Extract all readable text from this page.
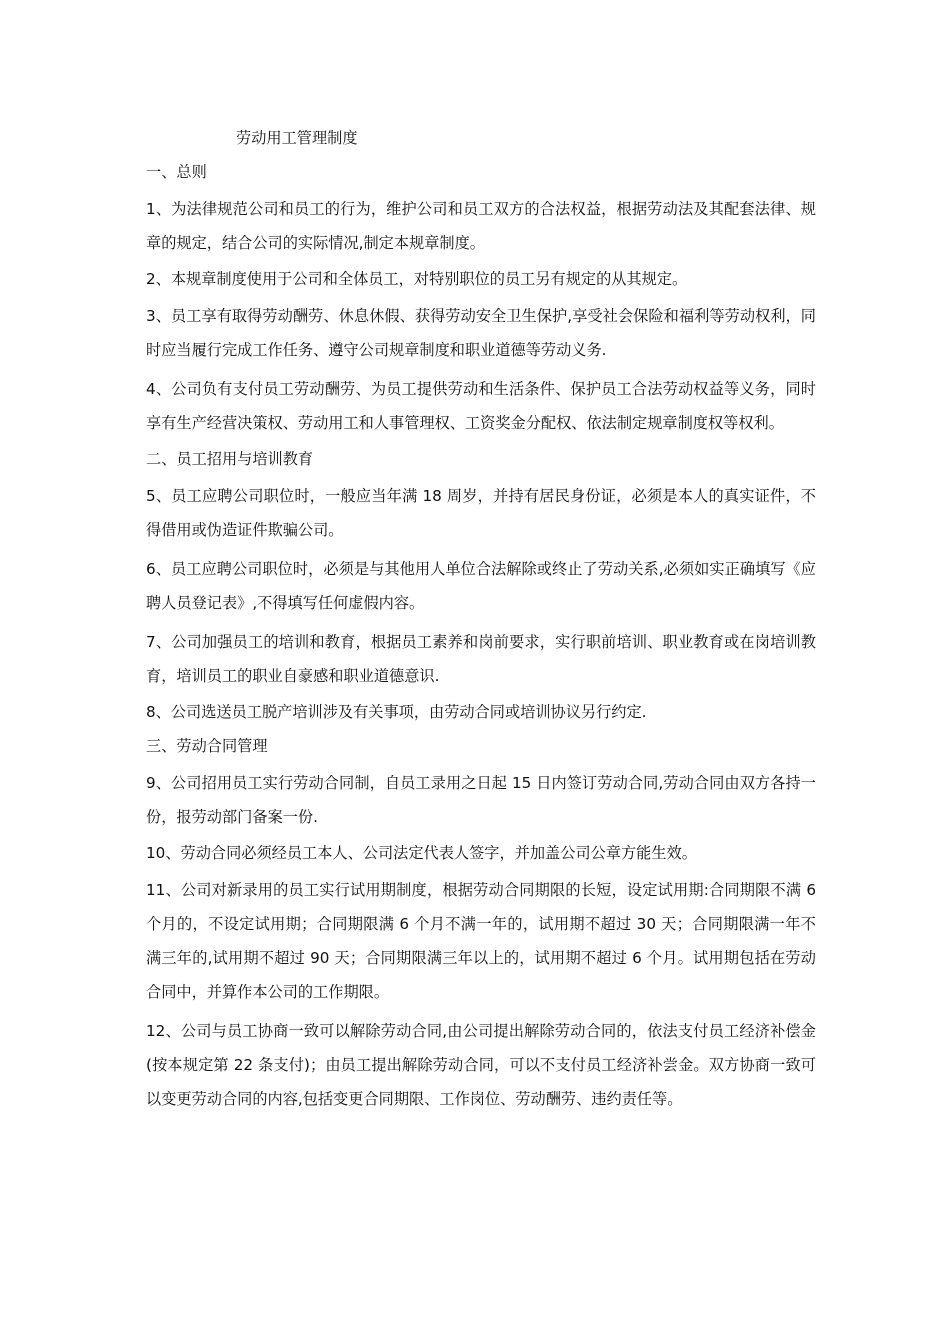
劳动用工管理制度
一、总则
1、为法律规范公司和员工的行为，维护公司和员工双方的合法权益，根据劳动法及其配套法律、规章的规定，结合公司的实际情况,制定本规章制度。
2、本规章制度使用于公司和全体员工，对特别职位的员工另有规定的从其规定。
3、员工享有取得劳动酬劳、休息休假、获得劳动安全卫生保护,享受社会保险和福利等劳动权利，同时应当履行完成工作任务、遵守公司规章制度和职业道德等劳动义务.
4、公司负有支付员工劳动酬劳、为员工提供劳动和生活条件、保护员工合法劳动权益等义务，同时享有生产经营决策权、劳动用工和人事管理权、工资奖金分配权、依法制定规章制度权等权利。
二、员工招用与培训教育
5、员工应聘公司职位时，一般应当年满 18 周岁，并持有居民身份证，必须是本人的真实证件，不得借用或伪造证件欺骗公司。
6、员工应聘公司职位时，必须是与其他用人单位合法解除或终止了劳动关系,必须如实正确填写《应聘人员登记表》,不得填写任何虚假内容。
7、公司加强员工的培训和教育，根据员工素养和岗前要求，实行职前培训、职业教育或在岗培训教育，培训员工的职业自豪感和职业道德意识.
8、公司选送员工脱产培训涉及有关事项，由劳动合同或培训协议另行约定.
三、劳动合同管理
9、公司招用员工实行劳动合同制，自员工录用之日起 15 日内签订劳动合同,劳动合同由双方各持一份，报劳动部门备案一份.
10、劳动合同必须经员工本人、公司法定代表人签字，并加盖公司公章方能生效。
11、公司对新录用的员工实行试用期制度，根据劳动合同期限的长短，设定试用期:合同期限不满 6 个月的，不设定试用期；合同期限满 6 个月不满一年的，试用期不超过 30 天；合同期限满一年不满三年的,试用期不超过 90 天；合同期限满三年以上的，试用期不超过 6 个月。试用期包括在劳动合同中，并算作本公司的工作期限。
12、公司与员工协商一致可以解除劳动合同,由公司提出解除劳动合同的，依法支付员工经济补偿金(按本规定第 22 条支付)；由员工提出解除劳动合同，可以不支付员工经济补尝金。双方协商一致可以变更劳动合同的内容,包括变更合同期限、工作岗位、劳动酬劳、违约责任等。
